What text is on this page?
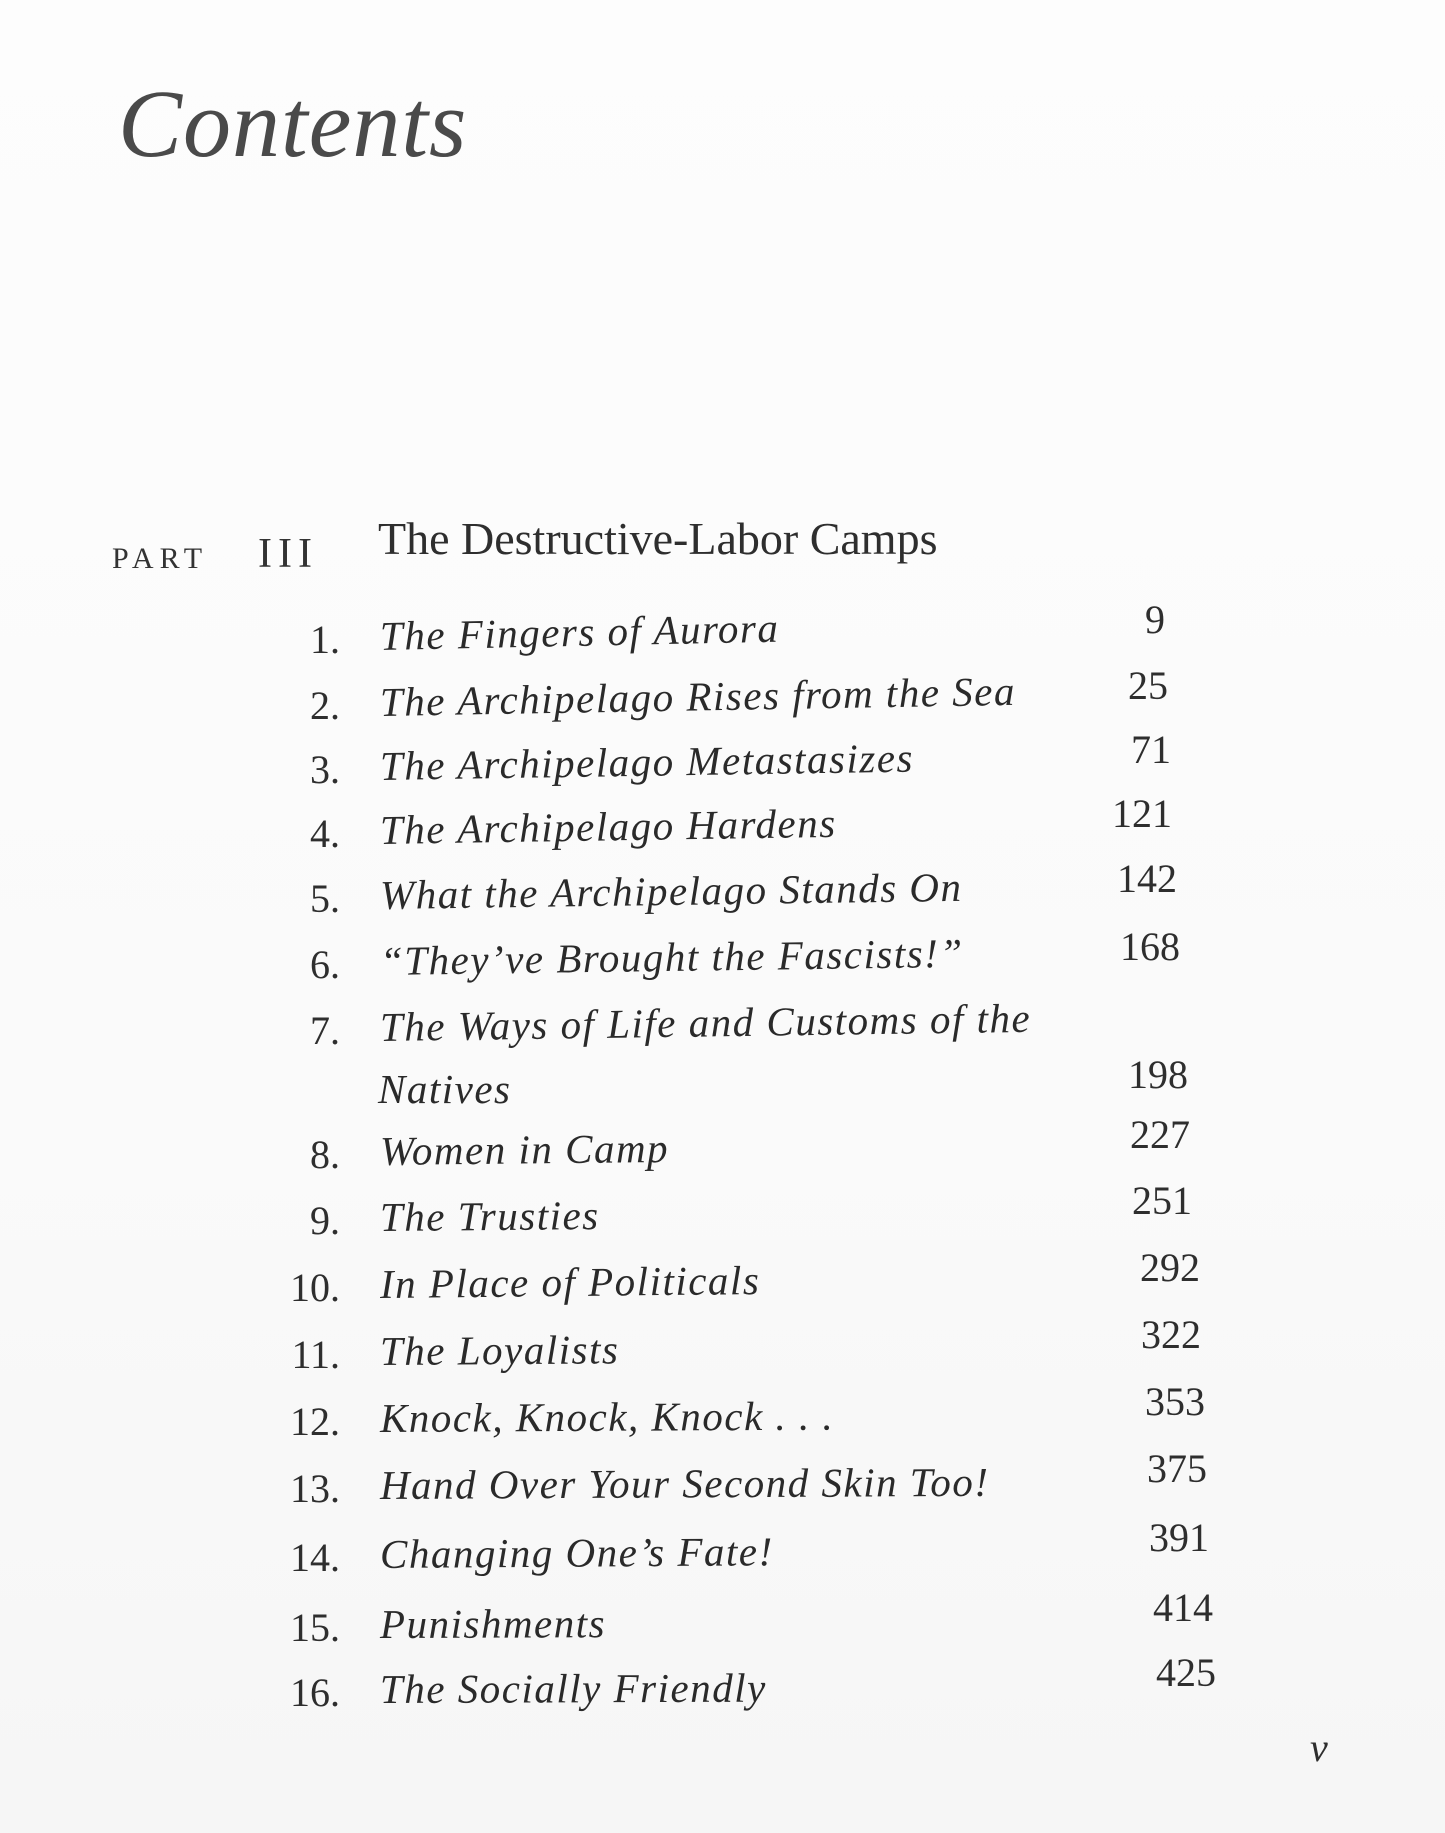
Contents
PART III The Destructive-Labor Camps
1. The Fingers of Aurora	9
2. The Archipelago Rises from the Sea	25
3. The Archipelago Metastasizes	71
4. The Archipelago Hardens	121
5. What the Archipelago Stands On	142
6. “They’ve Brought the Fascists!”	168
7. The Ways of Life and Customs of the
Natives	198
8. Women in Camp	227
9. The Trusties	251
10. In Place of Politicals	292
11. The Loyalists	322
12. Knock, Knock, Knock . . .	353
13. Hand Over Your Second Skin Too!	375
14. Changing One’s Fate!	391
15. Punishments	414
16. The Socially Friendly	425
v
